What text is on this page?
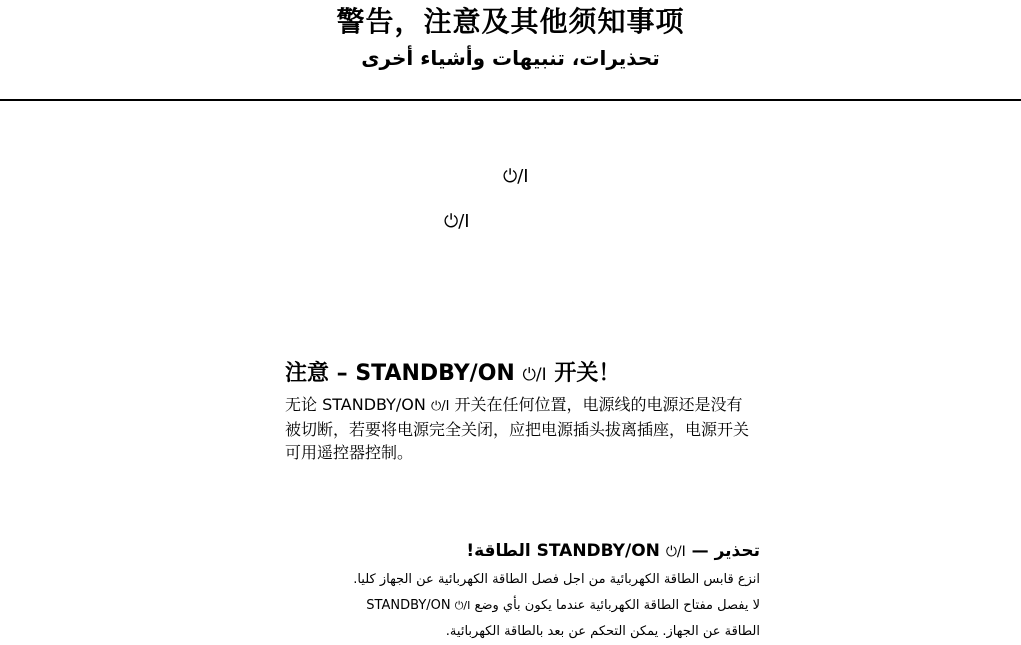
警告，注意及其他须知事项
تحذيرات، تنبيهات وأشياء أخرى
⏻/I
⏻/I
注意 – STANDBY/ON ⏻/I 开关！
无论 STANDBY/ON ⏻/I 开关在任何位置，电源线的电源还是没有被切断，若要将电源完全关闭，应把电源插头拔离插座，电源开关可用遥控器控制。
تحذير — ⏻/I STANDBY/ON الطاقة!
انزع قابس الطاقة الكهربائية من اجل فصل الطاقة الكهربائية عن الجهاز كليا.
لا يفصل مفتاح الطاقة الكهربائية عندما يكون بأي وضع ⏻/I STANDBY/ON
الطاقة عن الجهاز. يمكن التحكم عن بعد بالطاقة الكهربائية.
